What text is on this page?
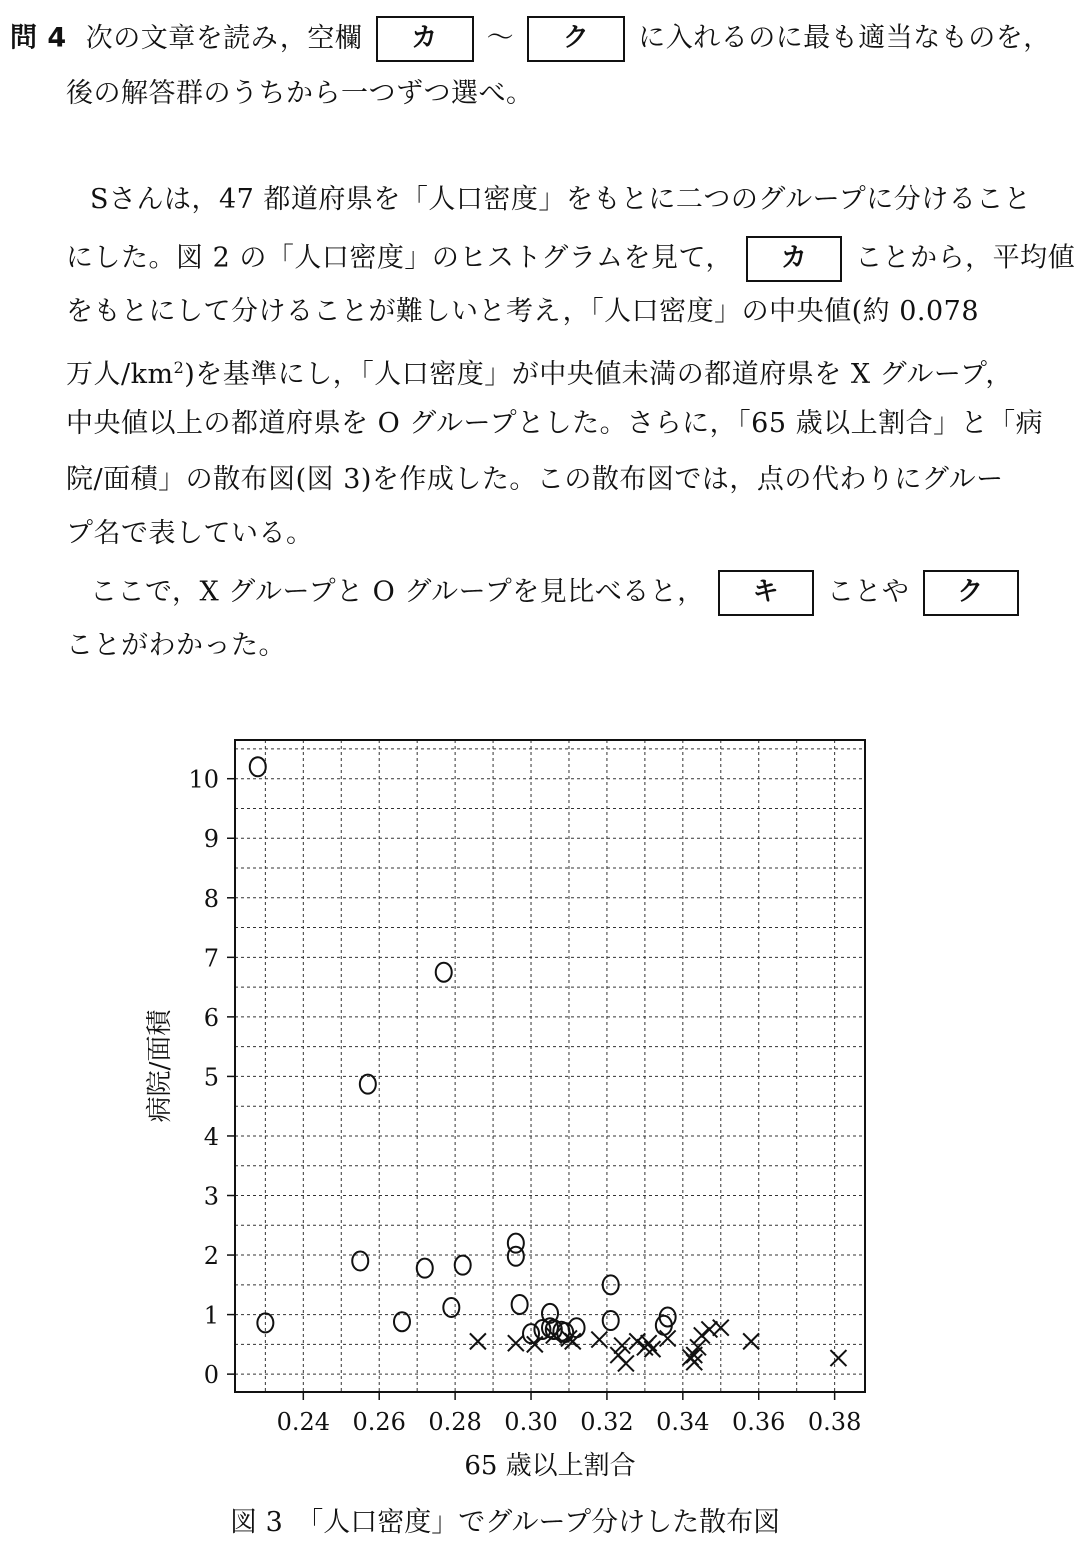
問 4 次の文章を読み，空欄 カ ～ ク に入れるのに最も適当なものを，
後の解答群のうちから一つずつ選べ。
Sさんは，47 都道府県を「人口密度」をもとに二つのグループに分けること
にした。図 2 の「人口密度」のヒストグラムを見て， カ ことから，平均値
をもとにして分けることが難しいと考え，「人口密度」の中央値(約 0.078
万人$/km^2$)を基準にし，「人口密度」が中央値未満の都道府県を X グループ，
中央値以上の都道府県を O グループとした。さらに，「65 歳以上割合」と「病
院/面積」の散布図(図 3)を作成した。この散布図では，点の代わりにグルー
プ名で表している。
ここで，X グループと O グループを見比べると， キ ことや ク
ことがわかった。
0.24 0.26 0.28 0.30 0.32 0.34 0.36 0.38
0
1
2
3
4
5
6
7
8
9
10
65 歳以上割合
病院/面積
図 3　「人口密度」でグループ分けした散布図
